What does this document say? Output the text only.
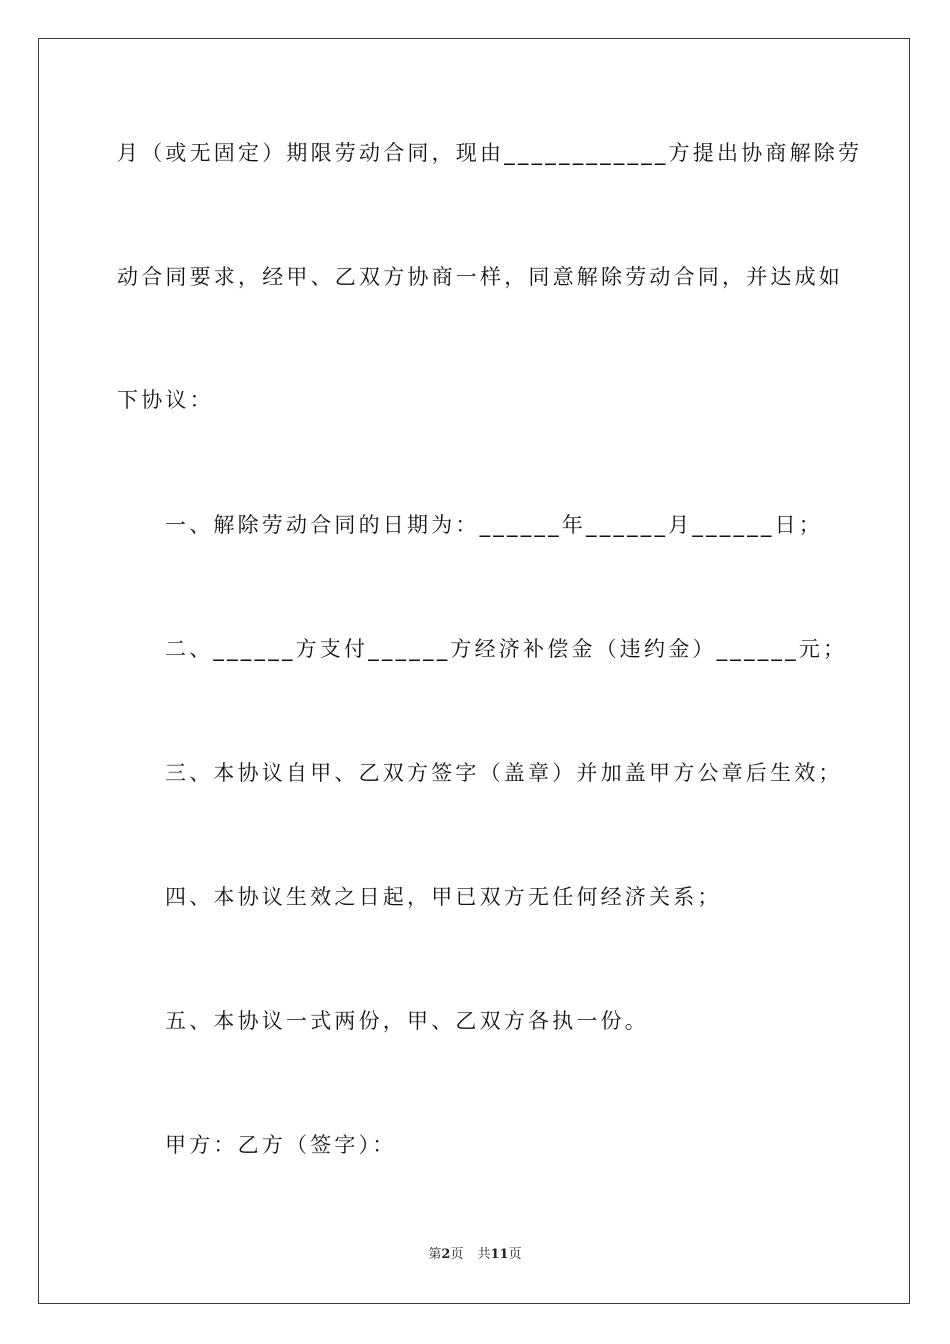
月（或无固定）期限劳动合同，现由____________方提出协商解除劳
动合同要求，经甲、乙双方协商一样，同意解除劳动合同，并达成如
下协议：
一、解除劳动合同的日期为：______年______月______日；
二、______方支付______方经济补偿金（违约金）______元；
三、本协议自甲、乙双方签字（盖章）并加盖甲方公章后生效；
四、本协议生效之日起，甲已双方无任何经济关系；
五、本协议一式两份，甲、乙双方各执一份。
甲方：乙方（签字）：
第2页 共11页
